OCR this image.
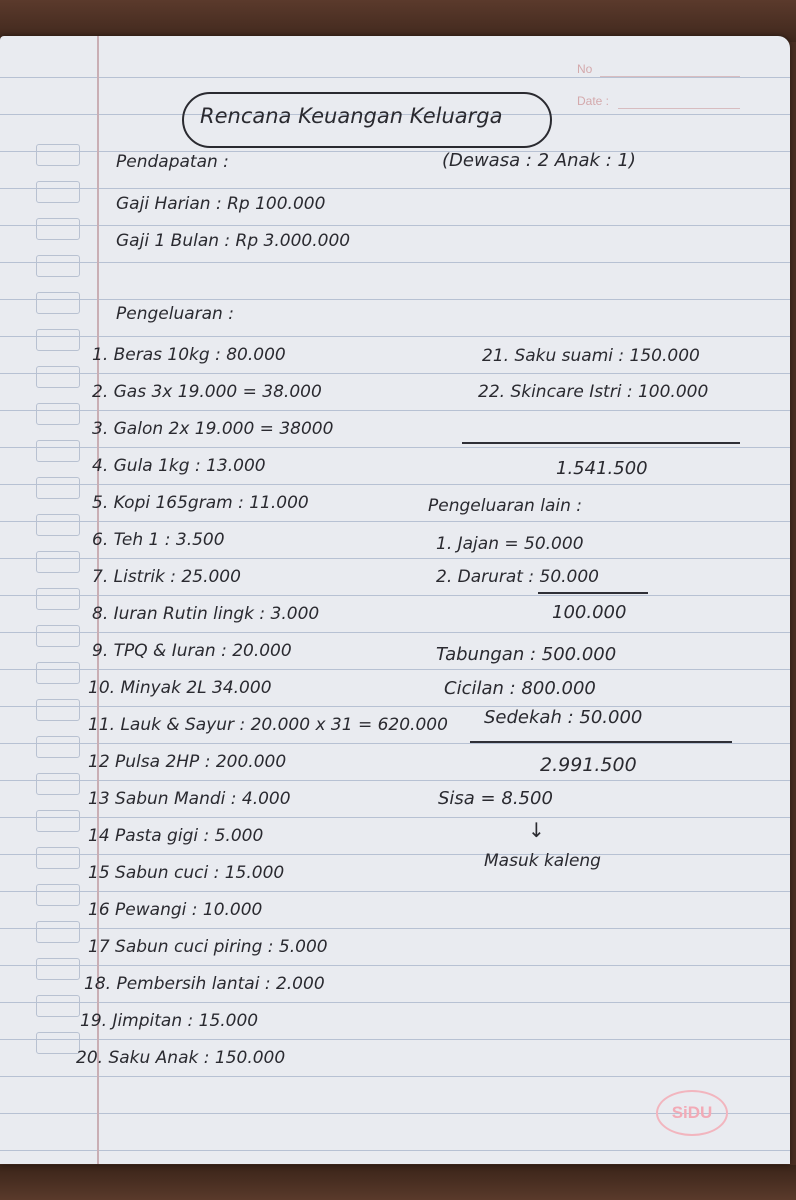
No
Date :
Rencana Keuangan Keluarga
Pendapatan :	(Dewasa : 2 Anak : 1)
Gaji Harian : Rp 100.000
Gaji 1 Bulan : Rp 3.000.000
Pengeluaran :
1. Beras 10kg : 80.000
2. Gas 3x 19.000 = 38.000
3. Galon 2x 19.000 = 38000
4. Gula 1kg : 13.000
5. Kopi 165gram : 11.000
6. Teh 1 : 3.500
7. Listrik : 25.000
8. Iuran Rutin lingk : 3.000
9. TPQ & Iuran : 20.000
10. Minyak 2L 34.000
11. Lauk & Sayur : 20.000 x 31 = 620.000
12 Pulsa 2HP : 200.000
13 Sabun Mandi : 4.000
14 Pasta gigi : 5.000
15 Sabun cuci : 15.000
16 Pewangi : 10.000
17 Sabun cuci piring : 5.000
18. Pembersih lantai : 2.000
19. Jimpitan : 15.000
20. Saku Anak : 150.000
21. Saku suami : 150.000
22. Skincare Istri : 100.000
1.541.500
Pengeluaran lain :
1. Jajan = 50.000
2. Darurat : 50.000
100.000
Tabungan : 500.000
Cicilan : 800.000
Sedekah : 50.000
2.991.500
Sisa = 8.500
↓
Masuk kaleng
SiDU
